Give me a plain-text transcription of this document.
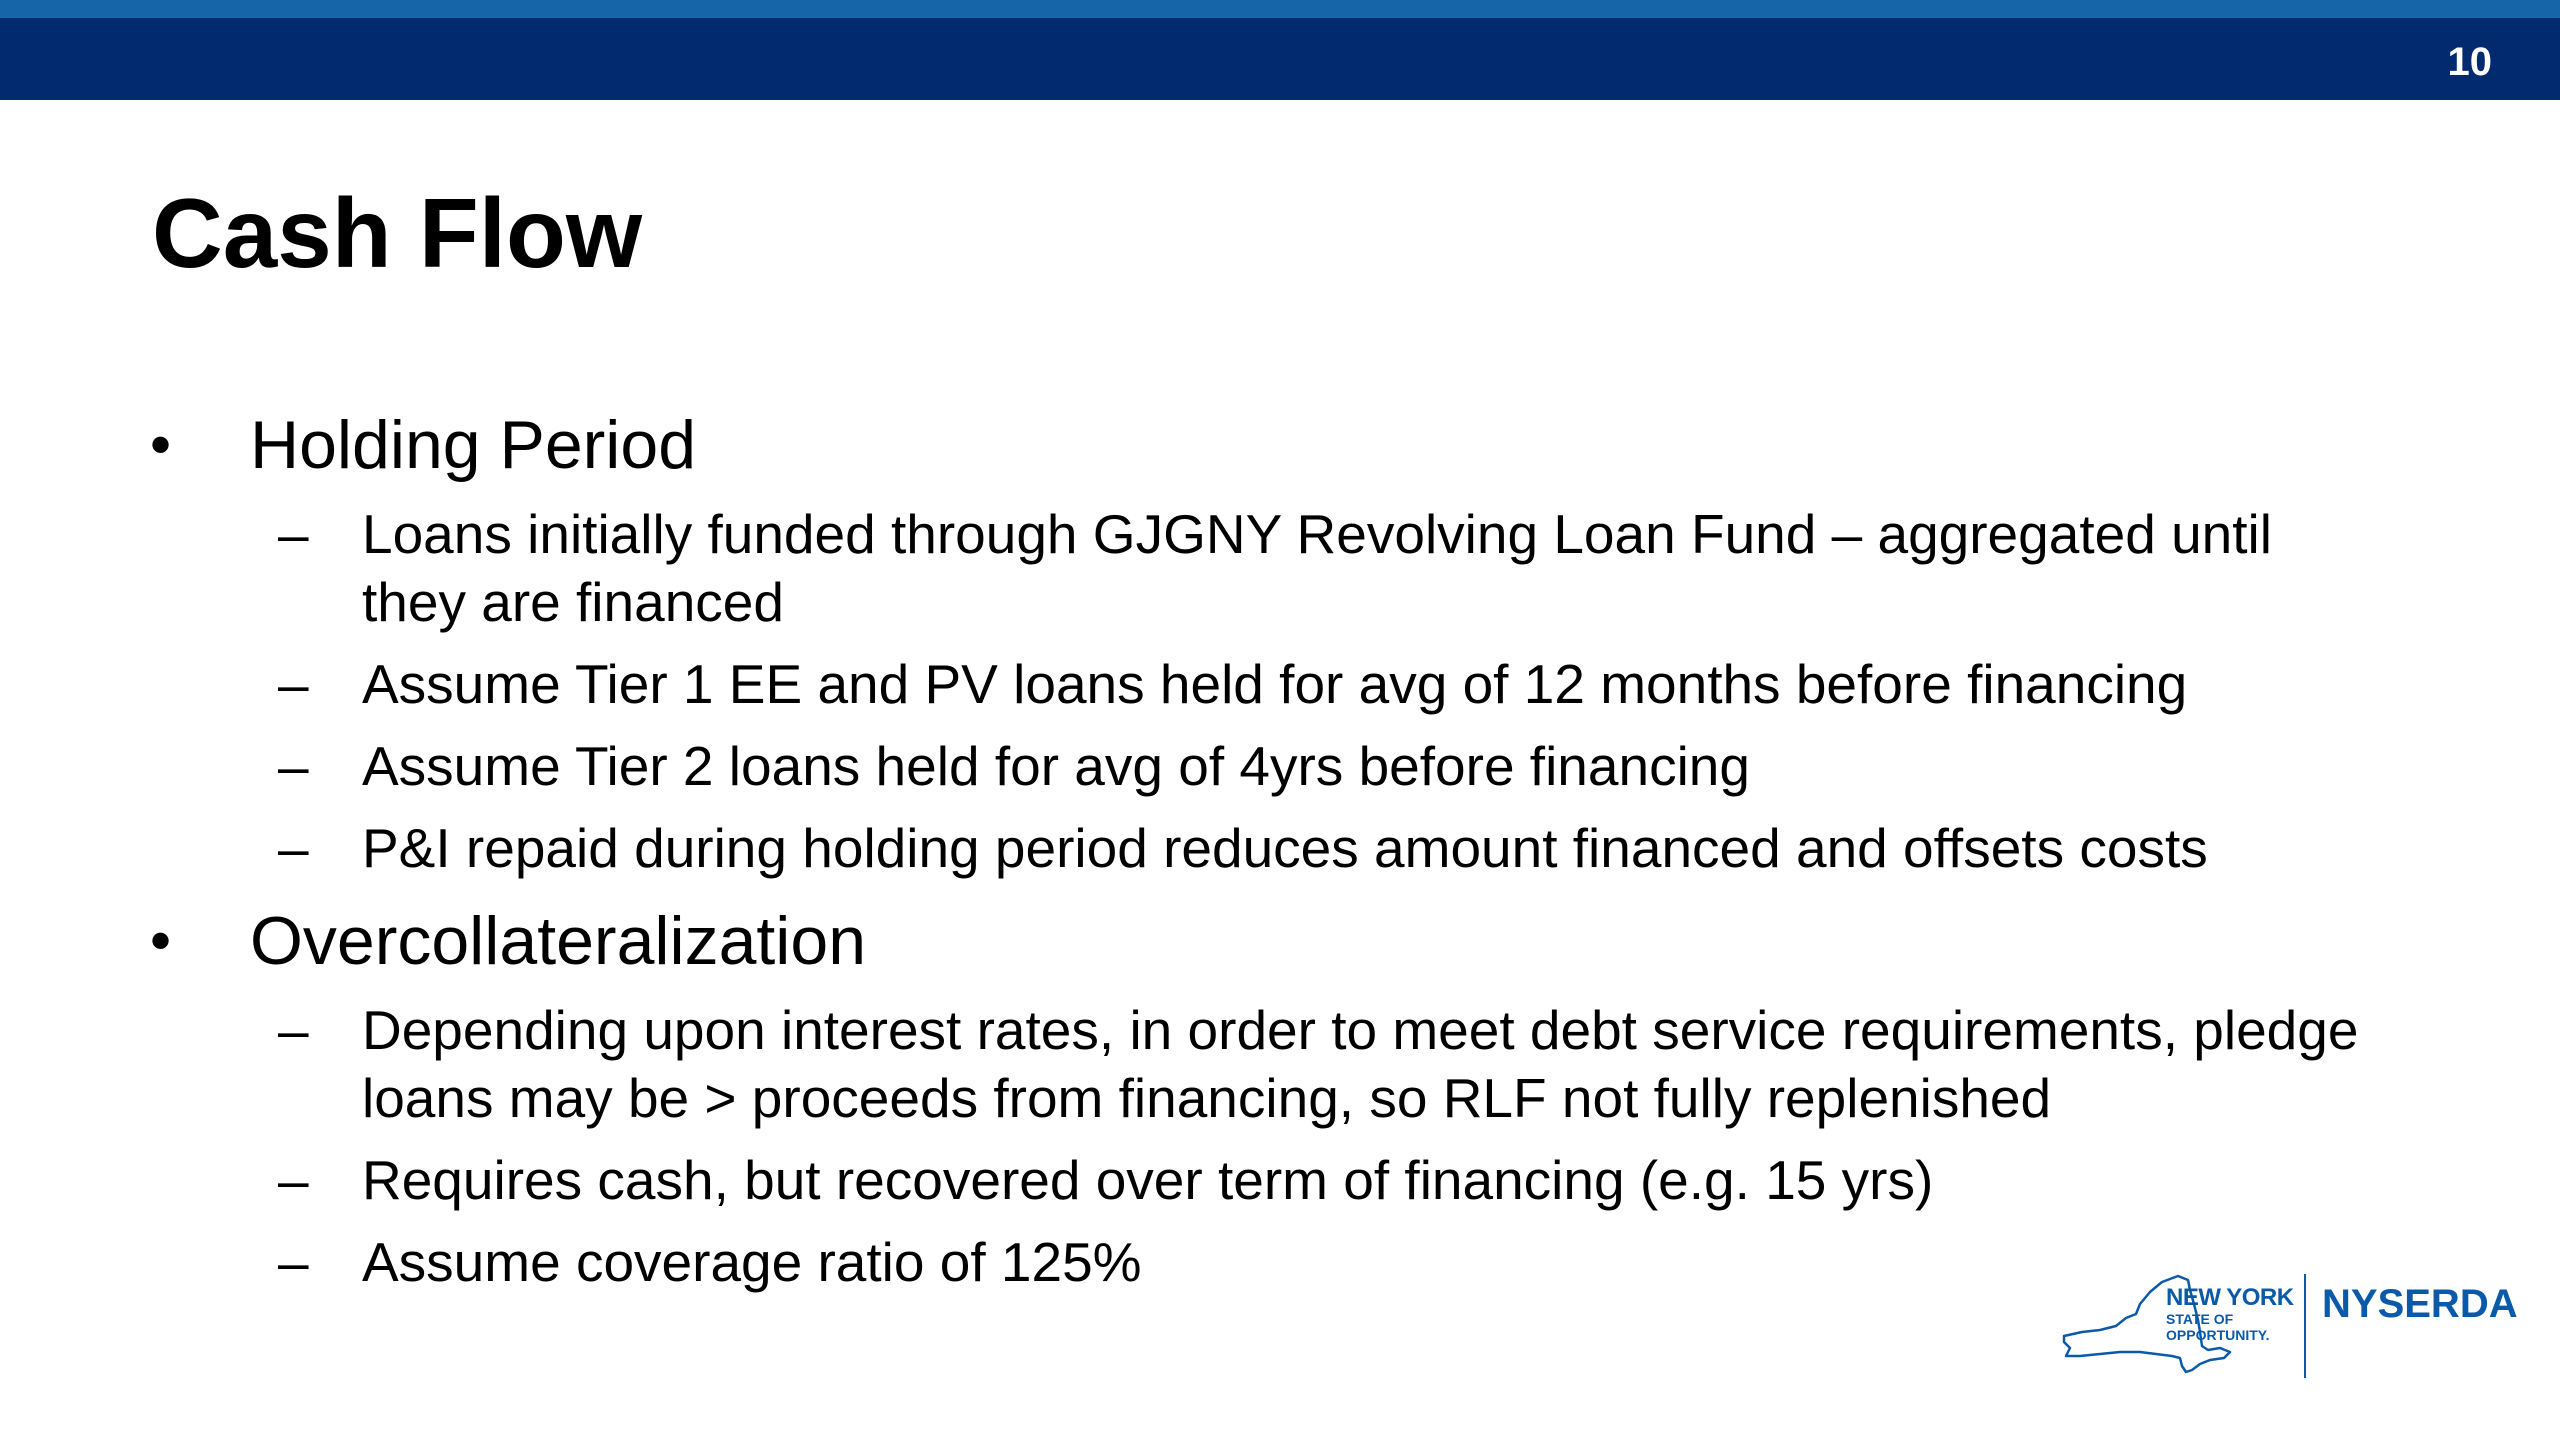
10
Cash Flow
• Holding Period
– Loans initially funded through GJGNY Revolving Loan Fund – aggregated until they are financed
– Assume Tier 1 EE and PV loans held for avg of 12 months before financing
– Assume Tier 2 loans held for avg of 4yrs before financing
– P&I repaid during holding period reduces amount financed and offsets costs
• Overcollateralization
– Depending upon interest rates, in order to meet debt service requirements, pledge loans may be > proceeds from financing, so RLF not fully replenished
– Requires cash, but recovered over term of financing (e.g. 15 yrs)
– Assume coverage ratio of 125%
NEW YORK
STATE OF
OPPORTUNITY.
NYSERDA
